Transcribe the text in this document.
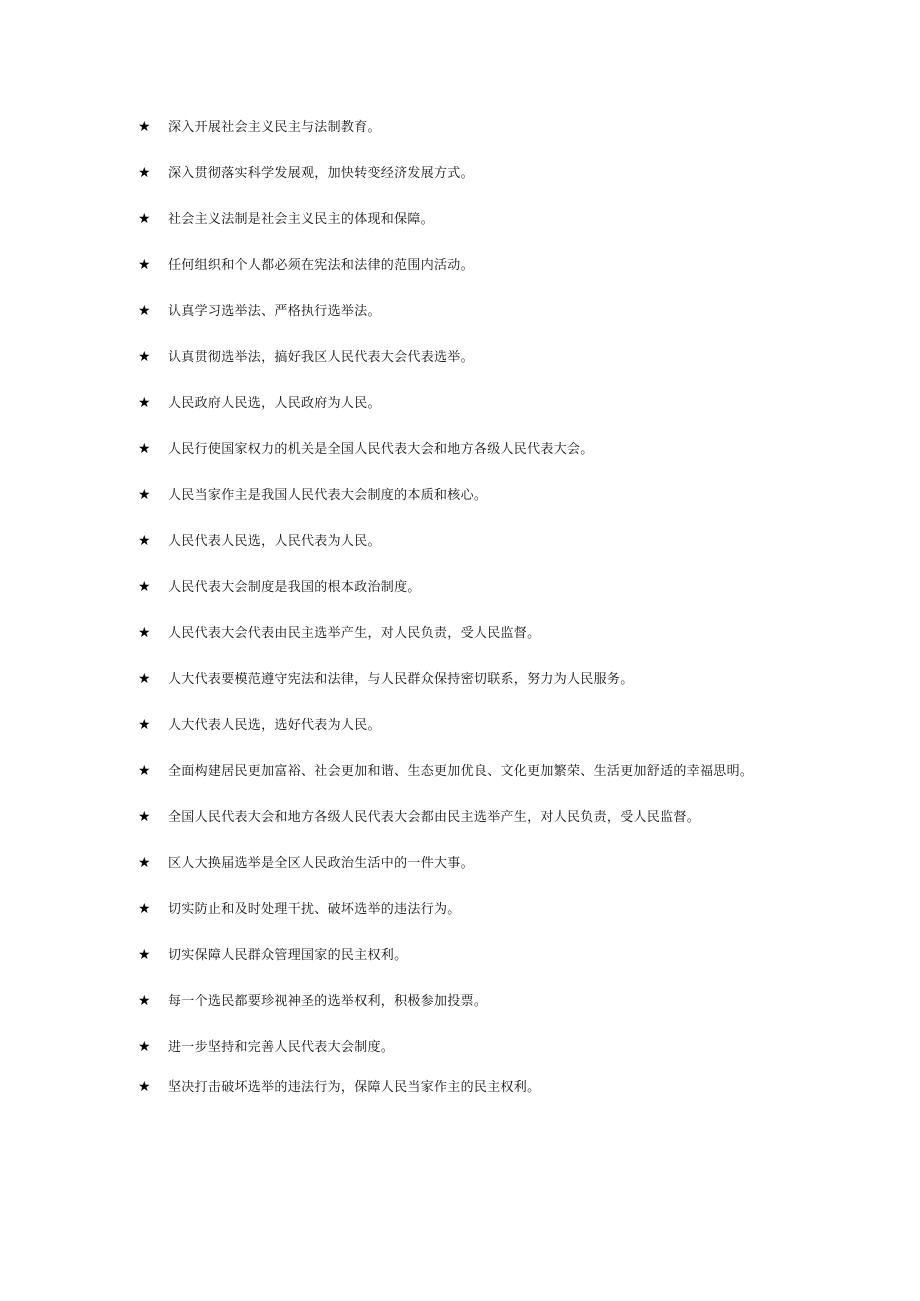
★ 深入开展社会主义民主与法制教育。
★ 深入贯彻落实科学发展观，加快转变经济发展方式。
★ 社会主义法制是社会主义民主的体现和保障。
★ 任何组织和个人都必须在宪法和法律的范围内活动。
★ 认真学习选举法、严格执行选举法。
★ 认真贯彻选举法，搞好我区人民代表大会代表选举。
★ 人民政府人民选，人民政府为人民。
★ 人民行使国家权力的机关是全国人民代表大会和地方各级人民代表大会。
★ 人民当家作主是我国人民代表大会制度的本质和核心。
★ 人民代表人民选，人民代表为人民。
★ 人民代表大会制度是我国的根本政治制度。
★ 人民代表大会代表由民主选举产生，对人民负责，受人民监督。
★ 人大代表要模范遵守宪法和法律，与人民群众保持密切联系，努力为人民服务。
★ 人大代表人民选，选好代表为人民。
★ 全面构建居民更加富裕、社会更加和谐、生态更加优良、文化更加繁荣、生活更加舒适的幸福思明。
★ 全国人民代表大会和地方各级人民代表大会都由民主选举产生，对人民负责，受人民监督。
★ 区人大换届选举是全区人民政治生活中的一件大事。
★ 切实防止和及时处理干扰、破坏选举的违法行为。
★ 切实保障人民群众管理国家的民主权利。
★ 每一个选民都要珍视神圣的选举权利，积极参加投票。
★ 进一步坚持和完善人民代表大会制度。
★ 坚决打击破坏选举的违法行为，保障人民当家作主的民主权利。
